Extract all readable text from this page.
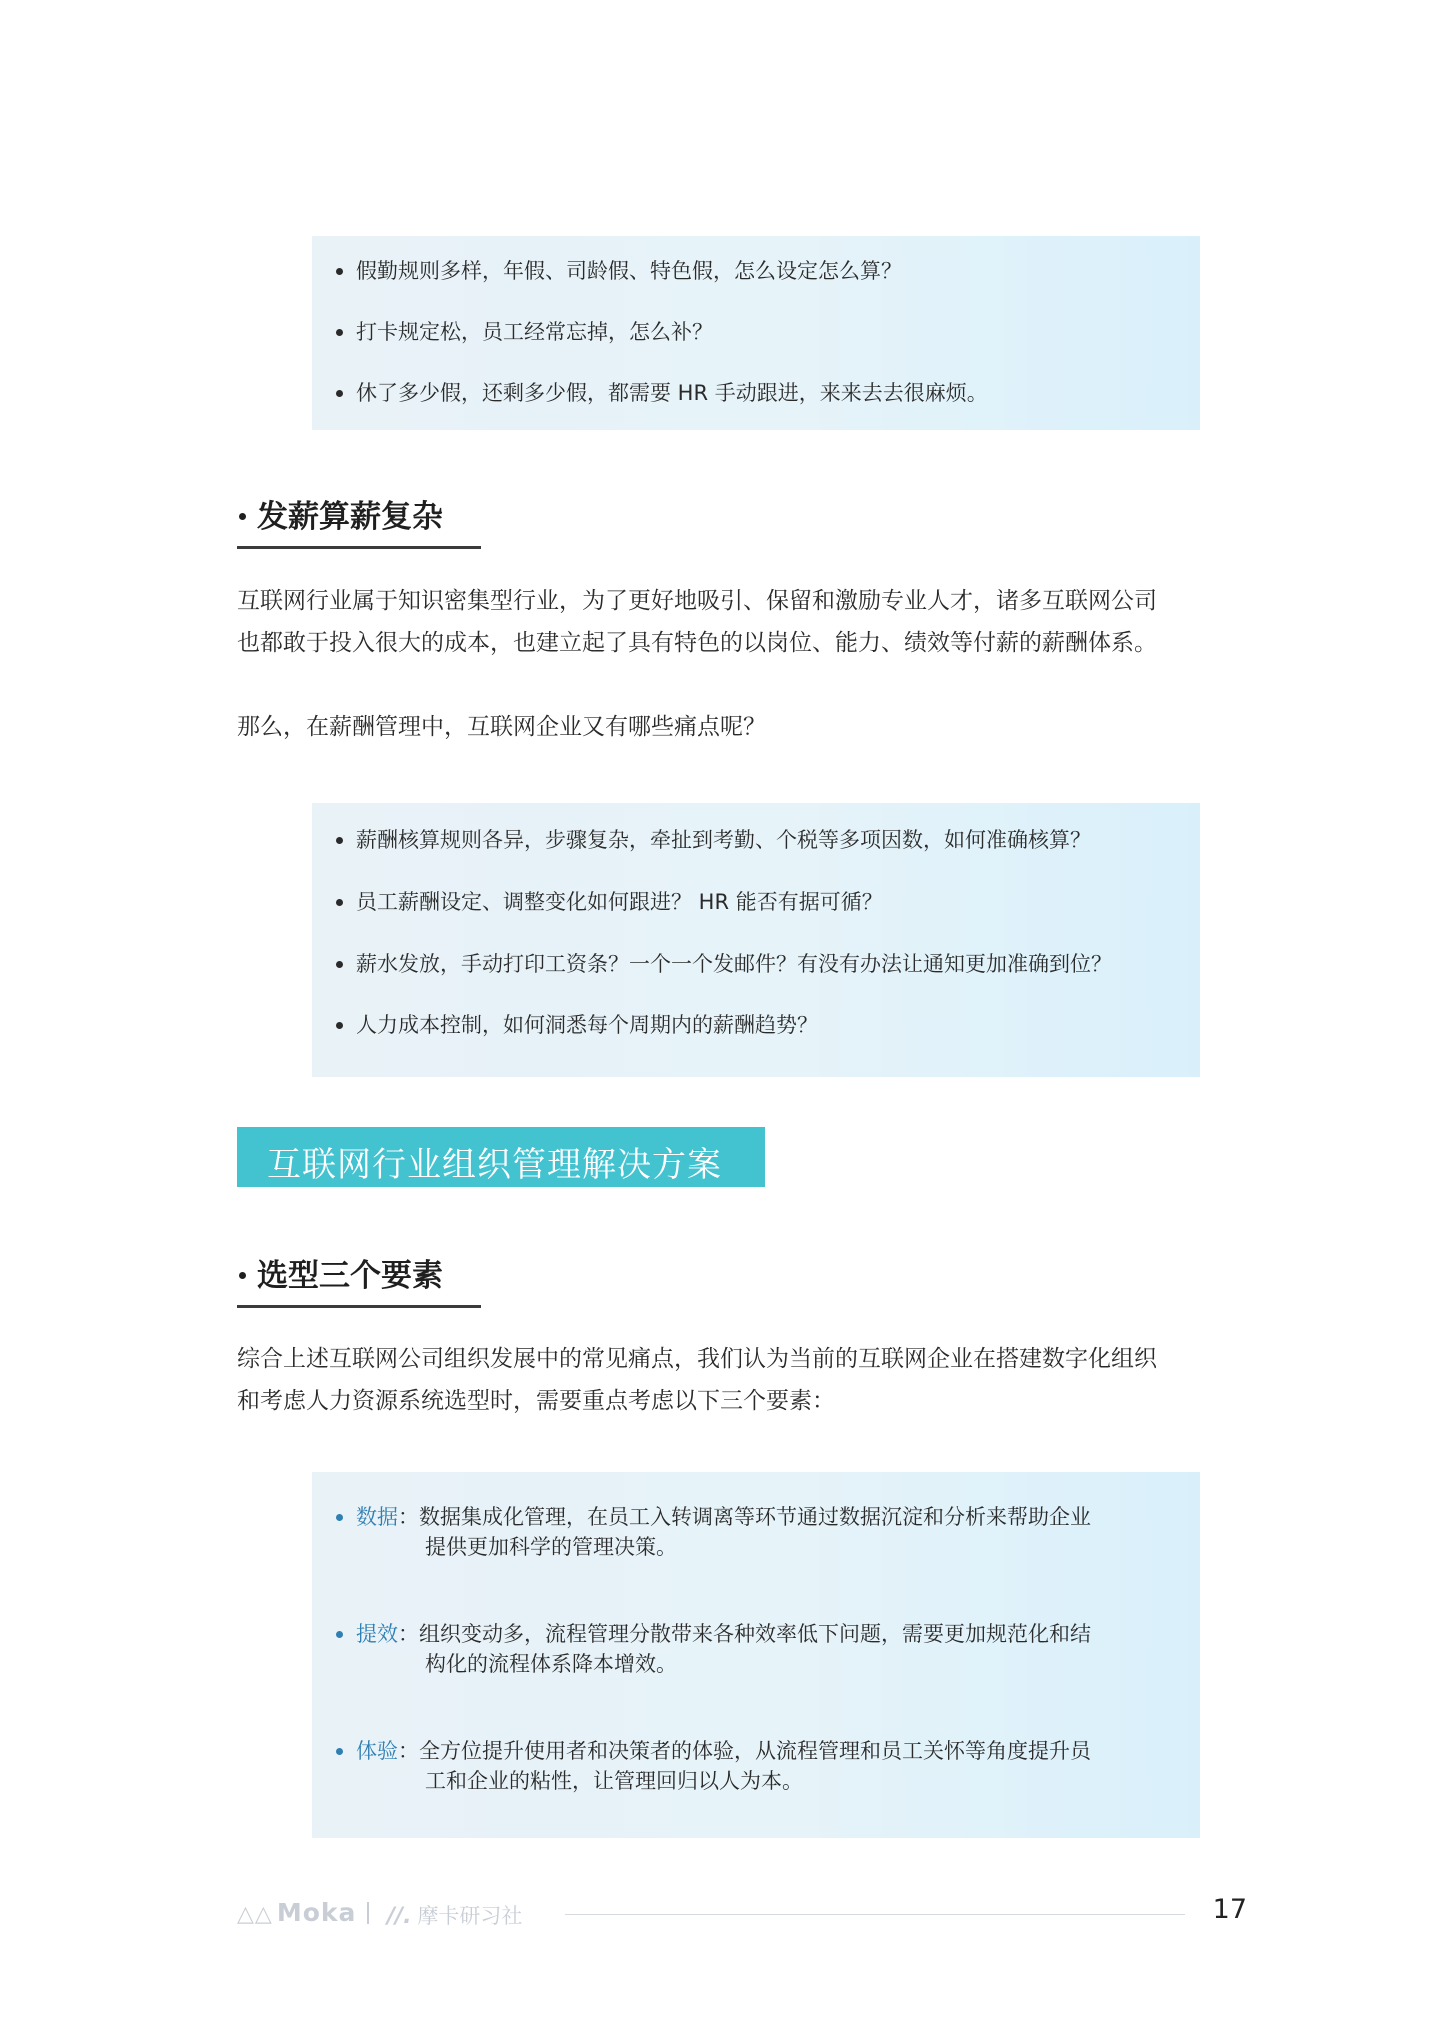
假勤规则多样，年假、司龄假、特色假，怎么设定怎么算？
打卡规定松，员工经常忘掉，怎么补？
休了多少假，还剩多少假，都需要 HR 手动跟进，来来去去很麻烦。
发薪算薪复杂
互联网行业属于知识密集型行业，为了更好地吸引、保留和激励专业人才，诸多互联网公司
也都敢于投入很大的成本，也建立起了具有特色的以岗位、能力、绩效等付薪的薪酬体系。
那么，在薪酬管理中，互联网企业又有哪些痛点呢？
薪酬核算规则各异，步骤复杂，牵扯到考勤、个税等多项因数，如何准确核算？
员工薪酬设定、调整变化如何跟进？ HR 能否有据可循？
薪水发放，手动打印工资条？一个一个发邮件？有没有办法让通知更加准确到位？
人力成本控制，如何洞悉每个周期内的薪酬趋势？
互联网行业组织管理解决方案
选型三个要素
综合上述互联网公司组织发展中的常见痛点，我们认为当前的互联网企业在搭建数字化组织
和考虑人力资源系统选型时，需要重点考虑以下三个要素：
数据：数据集成化管理，在员工入转调离等环节通过数据沉淀和分析来帮助企业
提供更加科学的管理决策。
提效：组织变动多，流程管理分散带来各种效率低下问题，需要更加规范化和结
构化的流程体系降本增效。
体验：全方位提升使用者和决策者的体验，从流程管理和员工关怀等角度提升员
工和企业的粘性，让管理回归以人为本。
△△ Moka //. 摩卡研习社	17
